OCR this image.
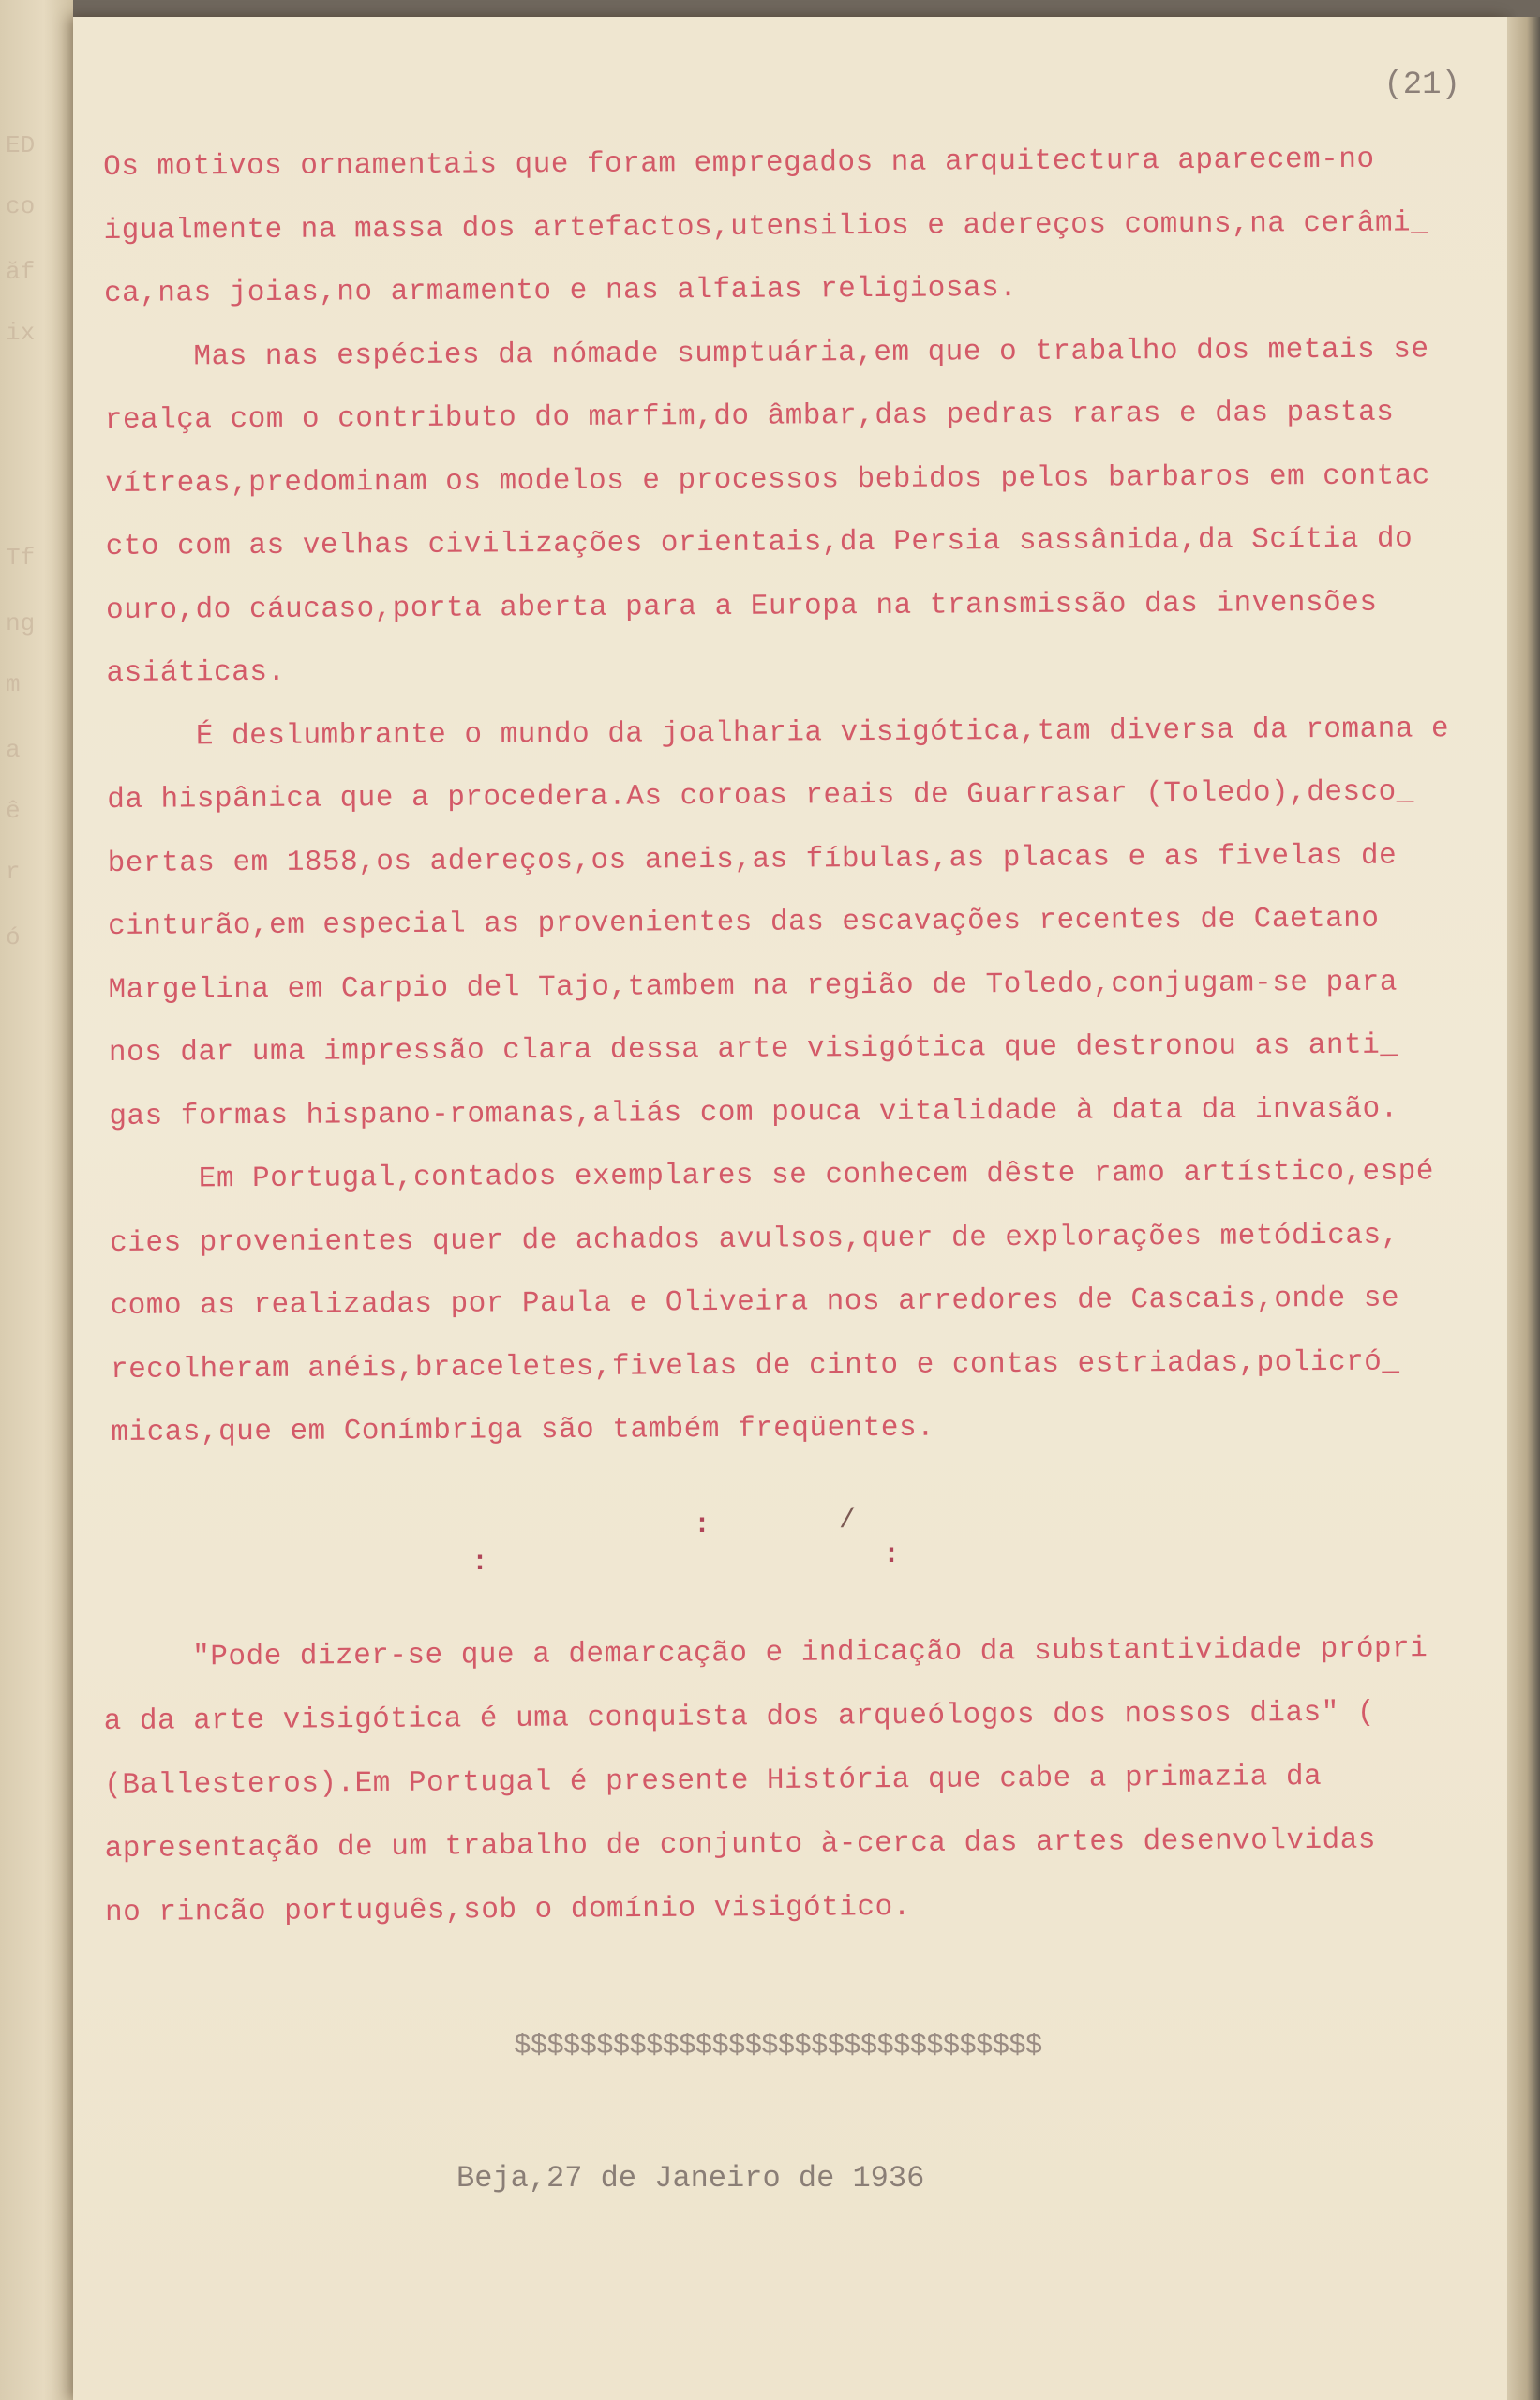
ED
co
ăf
ix
Tf
ng
m
a
ê
r
ó
(21)

Os motivos ornamentais que foram empregados na arquitectura aparecem-no

igualmente na massa dos artefactos,utensilios e adereços comuns,na cerâmi_

ca,nas joias,no armamento e nas alfaias religiosas.

Mas nas espécies da nómade sumptuária,em que o trabalho dos metais se

realça com o contributo do marfim,do âmbar,das pedras raras e das pastas

vítreas,predominam os modelos e processos bebidos pelos barbaros em contac

cto com as velhas civilizações orientais,da Persia sassânida,da Scítia do

ouro,do cáucaso,porta aberta para a Europa na transmissão das invensões

asiáticas.

É deslumbrante o mundo da joalharia visigótica,tam diversa da romana e

da hispânica que a procedera.As coroas reais de Guarrasar (Toledo),desco_

bertas em 1858,os adereços,os aneis,as fíbulas,as placas e as fivelas de

cinturão,em especial as provenientes das escavações recentes de Caetano

Margelina em Carpio del Tajo,tambem na região de Toledo,conjugam-se para

nos dar uma impressão clara dessa arte visigótica que destronou as anti_

gas formas hispano-romanas,aliás com pouca vitalidade à data da invasão.

Em Portugal,contados exemplares se conhecem dêste ramo artístico,espé

cies provenientes quer de achados avulsos,quer de explorações metódicas,

como as realizadas por Paula e Oliveira nos arredores de Cascais,onde se

recolheram anéis,braceletes,fivelas de cinto e contas estriadas,policró_

micas,que em Conímbriga são também freqüentes.

:	/
:	:

"Pode dizer-se que a demarcação e indicação da substantividade própri

a da arte visigótica é uma conquista dos arqueólogos dos nossos dias" (

(Ballesteros).Em Portugal é presente História que cabe a primazia da

apresentação de um trabalho de conjunto à-cerca das artes desenvolvidas

no rincão português,sob o domínio visigótico.

$$$$$$$$$$$$$$$$$$$$$$$$$$$$$$$$
Beja,27 de Janeiro de 1936
